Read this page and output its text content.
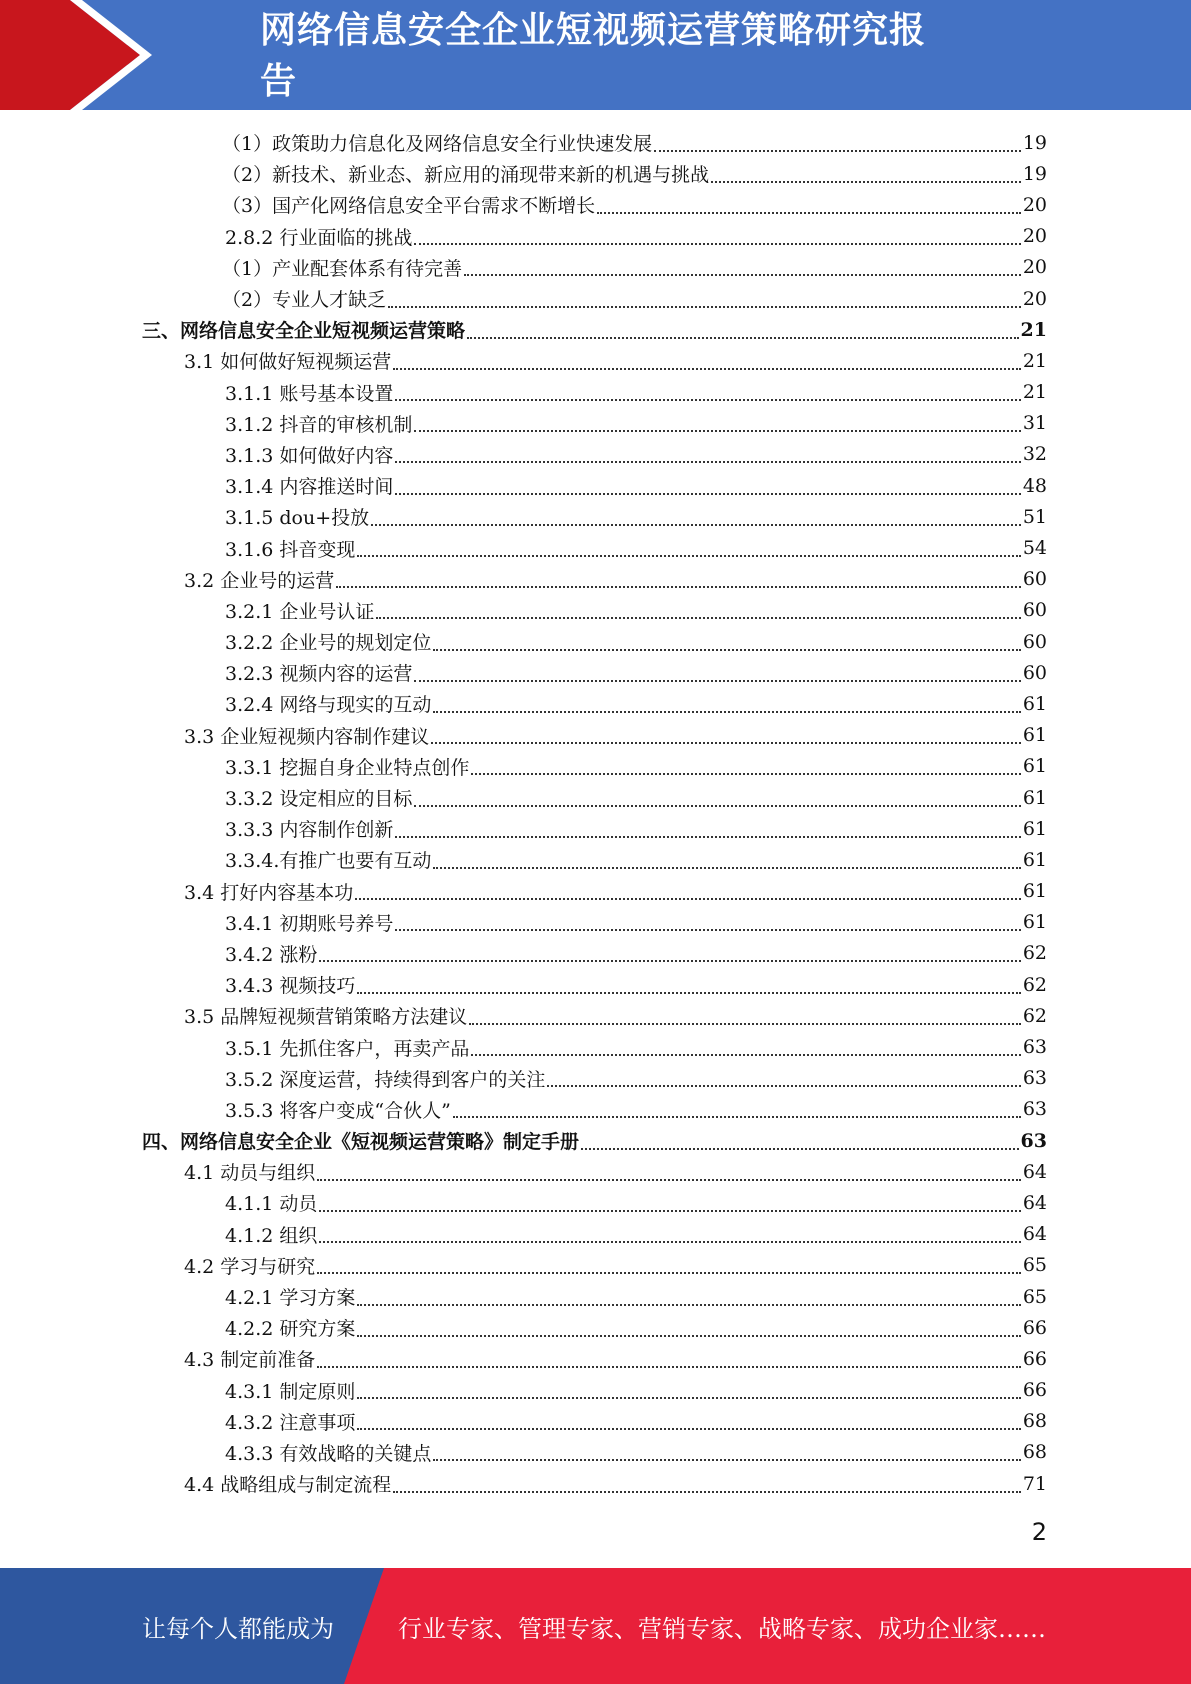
网络信息安全企业短视频运营策略研究报告
（1）政策助力信息化及网络信息安全行业快速发展	19
（2）新技术、新业态、新应用的涌现带来新的机遇与挑战	19
（3）国产化网络信息安全平台需求不断增长	20
2.8.2 行业面临的挑战	20
（1）产业配套体系有待完善	20
（2）专业人才缺乏	20
三、网络信息安全企业短视频运营策略	21
3.1 如何做好短视频运营	21
3.1.1 账号基本设置	21
3.1.2 抖音的审核机制	31
3.1.3 如何做好内容	32
3.1.4 内容推送时间	48
3.1.5 dou+投放	51
3.1.6 抖音变现	54
3.2 企业号的运营	60
3.2.1 企业号认证	60
3.2.2 企业号的规划定位	60
3.2.3 视频内容的运营	60
3.2.4 网络与现实的互动	61
3.3 企业短视频内容制作建议	61
3.3.1 挖掘自身企业特点创作	61
3.3.2 设定相应的目标	61
3.3.3 内容制作创新	61
3.3.4.有推广也要有互动	61
3.4 打好内容基本功	61
3.4.1 初期账号养号	61
3.4.2 涨粉	62
3.4.3 视频技巧	62
3.5 品牌短视频营销策略方法建议	62
3.5.1 先抓住客户，再卖产品	63
3.5.2 深度运营，持续得到客户的关注	63
3.5.3 将客户变成“合伙人”	63
四、网络信息安全企业《短视频运营策略》制定手册	63
4.1 动员与组织	64
4.1.1 动员	64
4.1.2 组织	64
4.2 学习与研究	65
4.2.1 学习方案	65
4.2.2 研究方案	66
4.3 制定前准备	66
4.3.1 制定原则	66
4.3.2 注意事项	68
4.3.3 有效战略的关键点	68
4.4 战略组成与制定流程	71
2
让每个人都能成为	行业专家、管理专家、营销专家、战略专家、成功企业家……
